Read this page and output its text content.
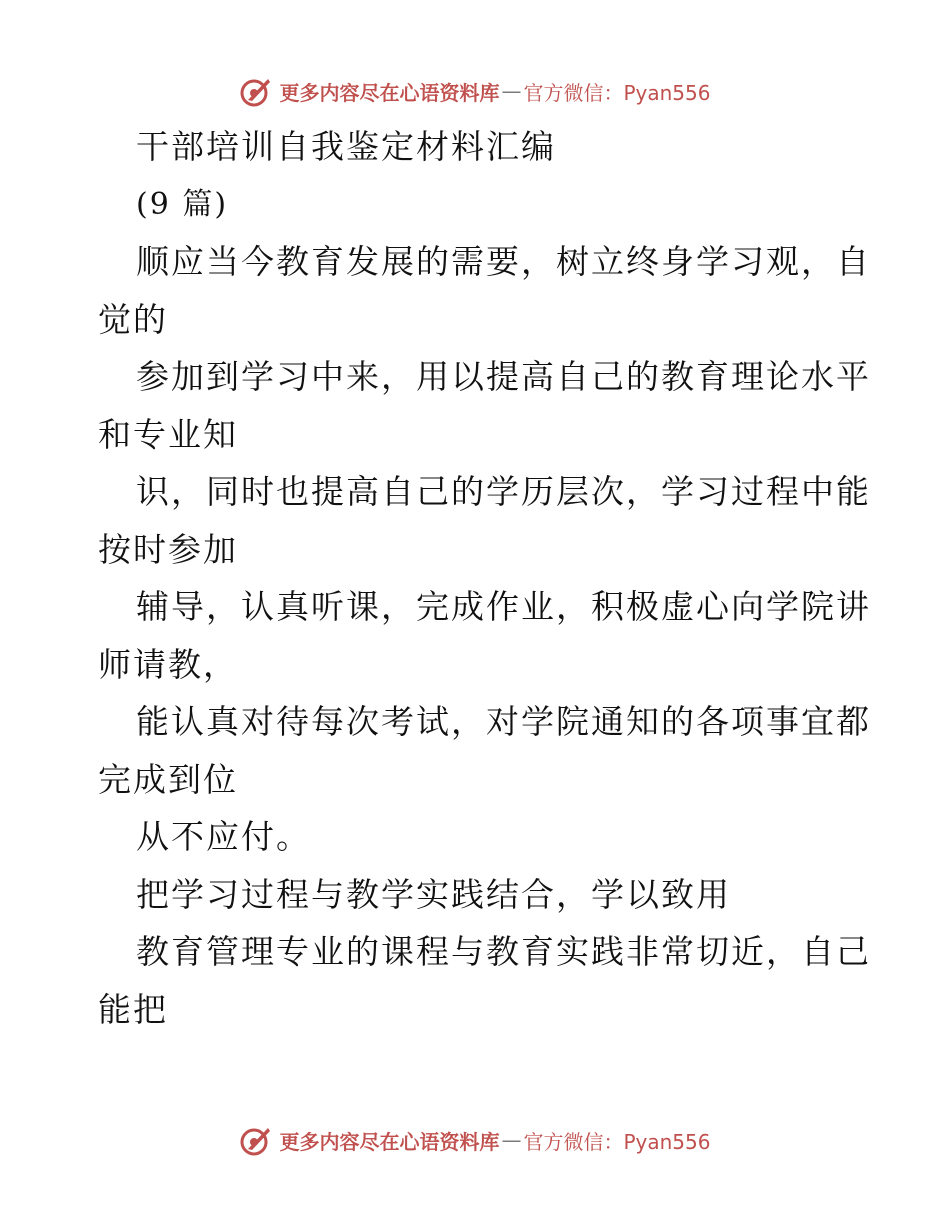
更多内容尽在心语资料库 — 官方微信：Pyan556
干部培训自我鉴定材料汇编
(9 篇)
顺应当今教育发展的需要，树立终身学习观，自
觉的
参加到学习中来，用以提高自己的教育理论水平
和专业知
识，同时也提高自己的学历层次，学习过程中能
按时参加
辅导，认真听课，完成作业，积极虚心向学院讲
师请教，
能认真对待每次考试，对学院通知的各项事宜都
完成到位
从不应付。
把学习过程与教学实践结合，学以致用
教育管理专业的课程与教育实践非常切近，自己
能把
更多内容尽在心语资料库 — 官方微信：Pyan556
